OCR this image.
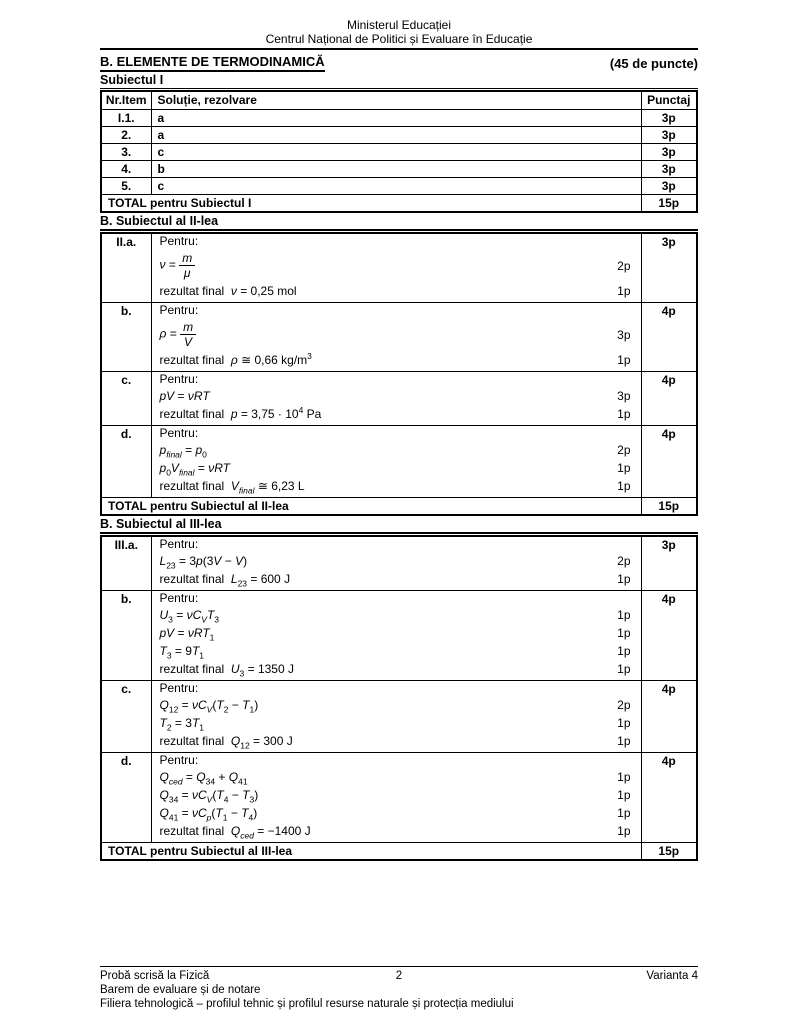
Ministerul Educației
Centrul Național de Politici și Evaluare în Educație
B. ELEMENTE DE TERMODINAMICĂ	(45 de puncte)
Subiectul I
Nr.Item	Soluție, rezolvare	Punctaj
I.1.	a	3p
2.	a	3p
3.	c	3p
4.	b	3p
5.	c	3p
TOTAL pentru Subiectul I		15p
B. Subiectul al II-lea
II.a.	Pentru:
$\nu = \frac{m}{\mu}$	2p
rezultat final  ν = 0,25 mol	1p
	3p
b.	Pentru:
$\rho = \frac{m}{V}$	3p
rezultat final  ρ ≅ 0,66 $kg/m^3$	1p
	4p
c.	Pentru:
pV = νRT 3p
rezultat final  $p = 3,75 \cdot 10^4$ Pa 1p	4p
d.	Pentru:
$p_{final} = p_0$	2p
$p_0V_{final} = \nu RT$	1p
rezultat final  $V_{final}$ ≅ 6,23 L	1p
	4p
TOTAL pentru Subiectul al II-lea		15p
B. Subiectul al III-lea
III.a.	Pentru:
$L_{23} = 3p(3V - V)$ 2p
rezultat final  $L_{23} = 600$ J 1p	3p
b.	Pentru:
$U_3 = \nu C_VT_3$	1p
pV = νRT$_1$	1p
$T_3 = 9T_1$	1p
rezultat final  $U_3 = 1350$ J	1p
	4p
c.	Pentru:
$Q_{12} = \nu C_V(T_2 - T_1)$	2p
$T_2 = 3T_1$	1p
rezultat final  $Q_{12} = 300$ J	1p
	4p
d.	Pentru:
$Q_{ced} = Q_{34} + Q_{41}$	1p
$Q_{34} = \nu C_V(T_4 - T_3)$	1p
$Q_{41} = \nu C_p(T_1 - T_4)$	1p
rezultat final  $Q_{ced} = -1400$ J	1p
	4p
TOTAL pentru Subiectul al III-lea		15p
Probă scrisă la Fizică	2	Varianta 4
Barem de evaluare și de notare
Filiera tehnologică – profilul tehnic și profilul resurse naturale și protecția mediului
